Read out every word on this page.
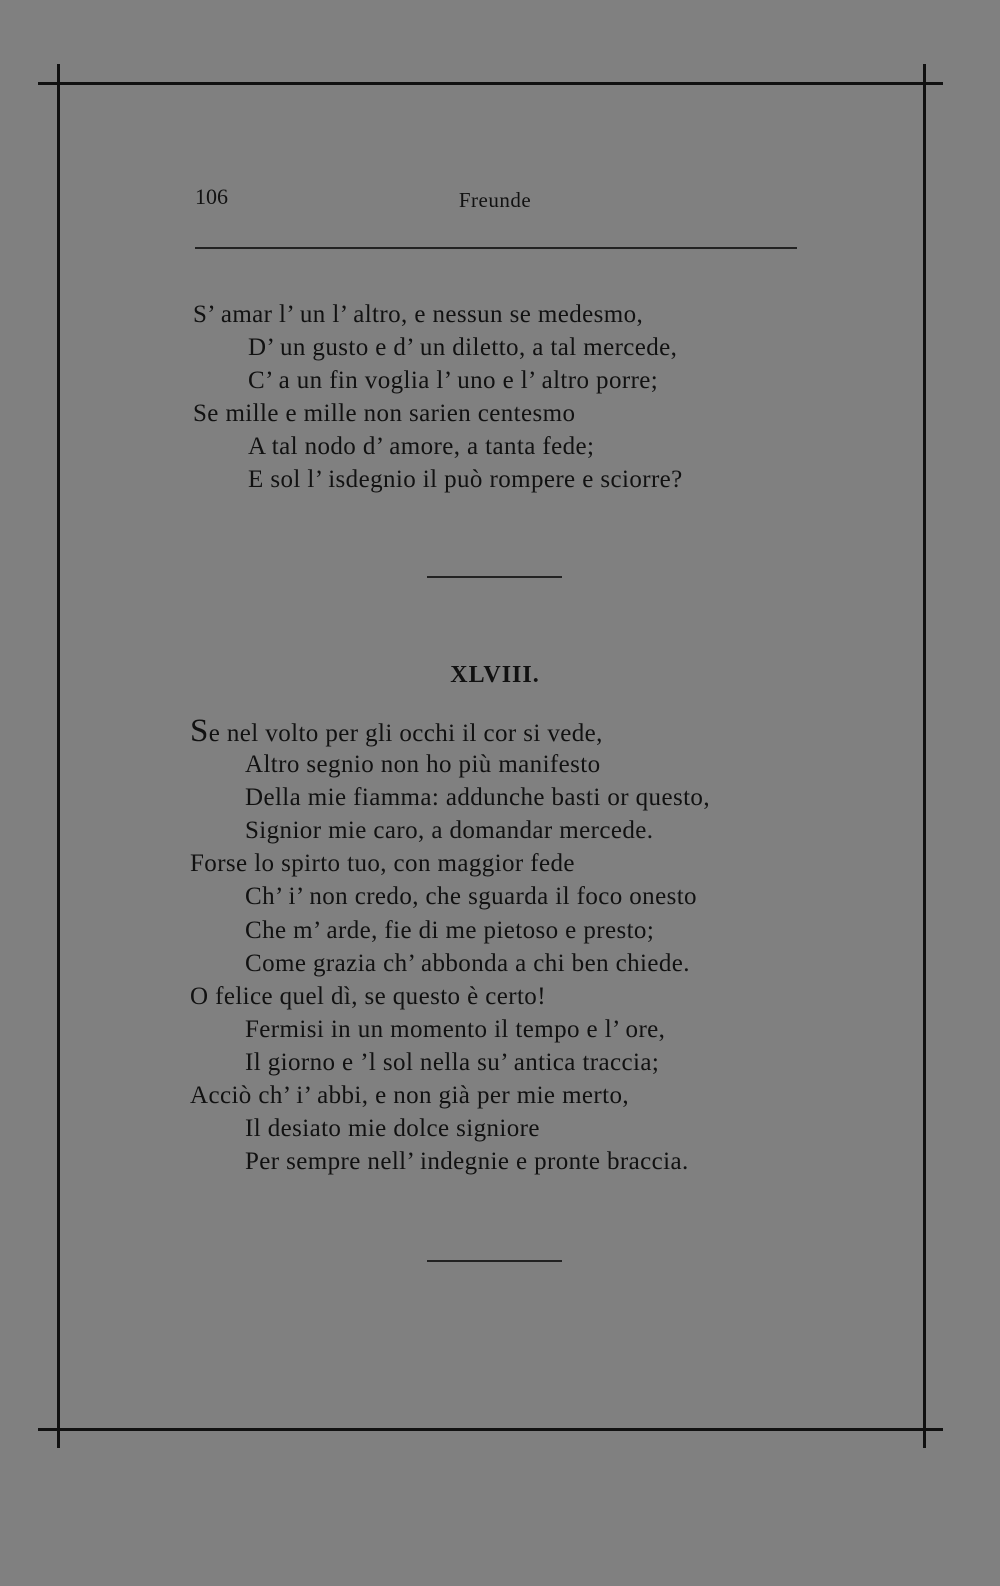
106	Freunde
S’ amar l’ un l’ altro, e nessun se medesmo,
D’ un gusto e d’ un diletto, a tal mercede,
C’ a un fin voglia l’ uno e l’ altro porre;
Se mille e mille non sarien centesmo
A tal nodo d’ amore, a tanta fede;
E sol l’ isdegnio il può rompere e sciorre?
XLVIII.
Se nel volto per gli occhi il cor si vede,
Altro segnio non ho più manifesto
Della mie fiamma: addunche basti or questo,
Signior mie caro, a domandar mercede.
Forse lo spirto tuo, con maggior fede
Ch’ i’ non credo, che sguarda il foco onesto
Che m’ arde, fie di me pietoso e presto;
Come grazia ch’ abbonda a chi ben chiede.
O felice quel dì, se questo è certo!
Fermisi in un momento il tempo e l’ ore,
Il giorno e ’l sol nella su’ antica traccia;
Acciò ch’ i’ abbi, e non già per mie merto,
Il desiato mie dolce signiore
Per sempre nell’ indegnie e pronte braccia.
